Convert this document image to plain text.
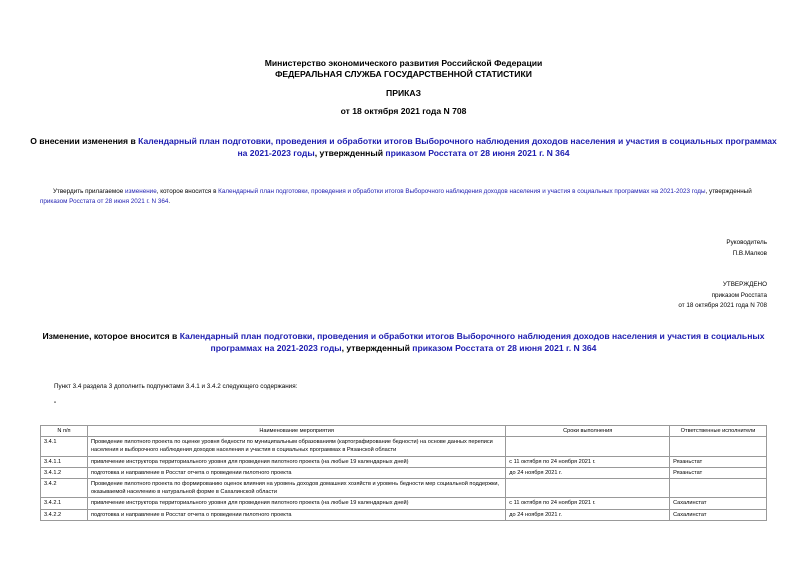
Министерство экономического развития Российской Федерации
ФЕДЕРАЛЬНАЯ СЛУЖБА ГОСУДАРСТВЕННОЙ СТАТИСТИКИ
ПРИКАЗ
от 18 октября 2021 года N 708
О внесении изменения в Календарный план подготовки, проведения и обработки итогов Выборочного наблюдения доходов населения и участия в социальных программах на 2021-2023 годы, утвержденный приказом Росстата от 28 июня 2021 г. N 364
Утвердить прилагаемое изменение, которое вносится в Календарный план подготовки, проведения и обработки итогов Выборочного наблюдения доходов населения и участия в социальных программах на 2021-2023 годы, утвержденный приказом Росстата от 28 июня 2021 г. N 364.
Руководитель
П.В.Малков
УТВЕРЖДЕНО
приказом Росстата
от 18 октября 2021 года N 708
Изменение, которое вносится в Календарный план подготовки, проведения и обработки итогов Выборочного наблюдения доходов населения и участия в социальных программах на 2021-2023 годы, утвержденный приказом Росстата от 28 июня 2021 г. N 364
Пункт 3.4 раздела 3 дополнить подпунктами 3.4.1 и 3.4.2 следующего содержания:
"
N п/п	Наименование мероприятия	Сроки выполнения	Ответственные исполнители
3.4.1	Проведение пилотного проекта по оценке уровня бедности по муниципальным образованиям (картографирование бедности) на основе данных переписи населения и выборочного наблюдения доходов населения и участия в социальных программах в Рязанской области		
3.4.1.1	привлечение инструктора территориального уровня для проведения пилотного проекта (на любые 19 календарных дней)	с 11 октября по 24 ноября 2021 г.	Рязаньстат
3.4.1.2	подготовка и направление в Росстат отчета о проведении пилотного проекта	до 24 ноября 2021 г.	Рязаньстат
3.4.2	Проведение пилотного проекта по формированию оценок влияния на уровень доходов домашних хозяйств и уровень бедности мер социальной поддержки, оказываемой населению в натуральной форме в Сахалинской области		
3.4.2.1	привлечение инструктора территориального уровня для проведения пилотного проекта (на любые 19 календарных дней)	с 11 октября по 24 ноября 2021 г.	Сахалинстат
3.4.2.2	подготовка и направление в Росстат отчета о проведении пилотного проекта	до 24 ноября 2021 г.	Сахалинстат
